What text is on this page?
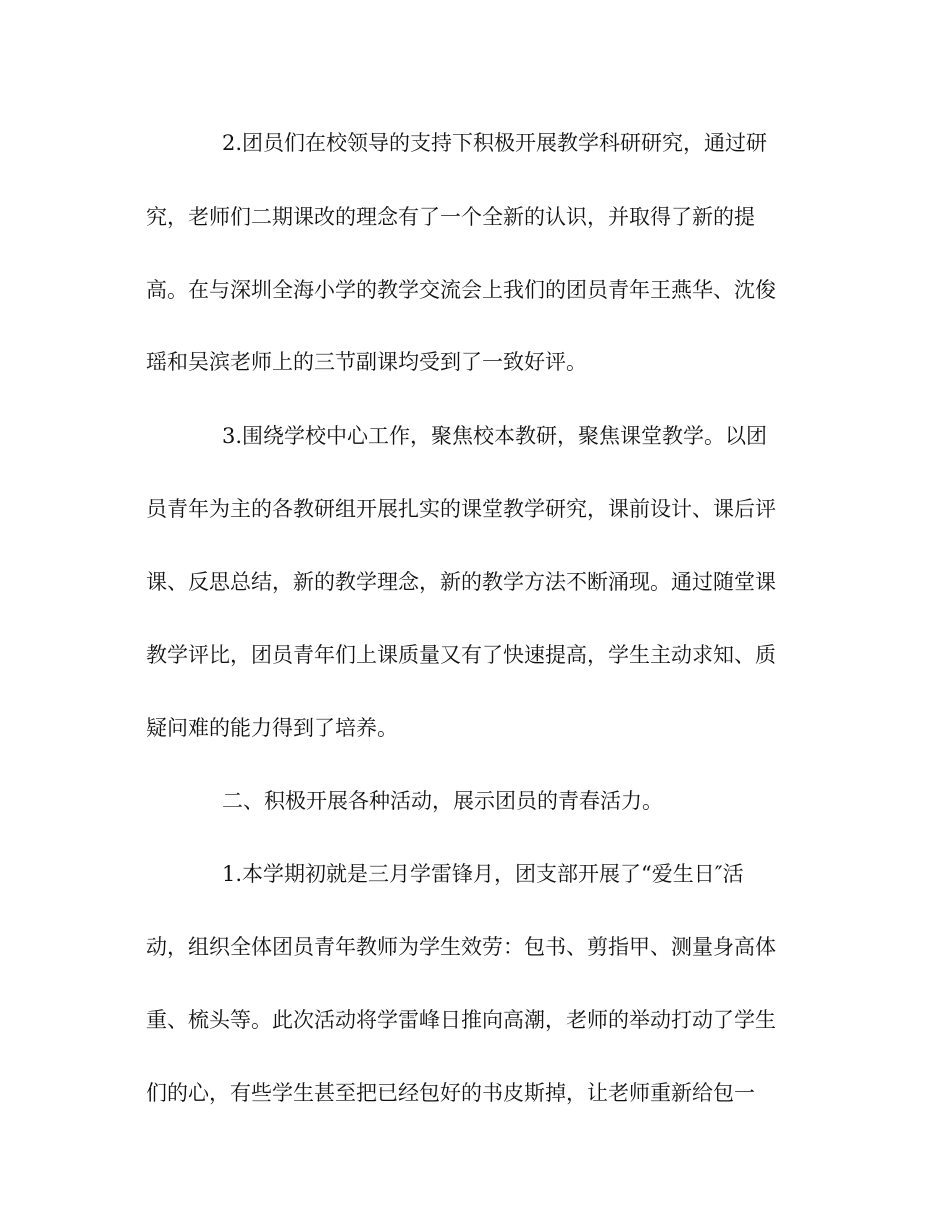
2.团员们在校领导的支持下积极开展教学科研研究，通过研
究，老师们二期课改的理念有了一个全新的认识，并取得了新的提
高。在与深圳全海小学的教学交流会上我们的团员青年王燕华、沈俊
瑶和吴滨老师上的三节副课均受到了一致好评。
3.围绕学校中心工作，聚焦校本教研，聚焦课堂教学。以团
员青年为主的各教研组开展扎实的课堂教学研究，课前设计、课后评
课、反思总结，新的教学理念，新的教学方法不断涌现。通过随堂课
教学评比，团员青年们上课质量又有了快速提高，学生主动求知、质
疑问难的能力得到了培养。
二、积极开展各种活动，展示团员的青春活力。
1.本学期初就是三月学雷锋月，团支部开展了“爱生日″活
动，组织全体团员青年教师为学生效劳：包书、剪指甲、测量身高体
重、梳头等。此次活动将学雷峰日推向高潮，老师的举动打动了学生
们的心，有些学生甚至把已经包好的书皮斯掉，让老师重新给包一
